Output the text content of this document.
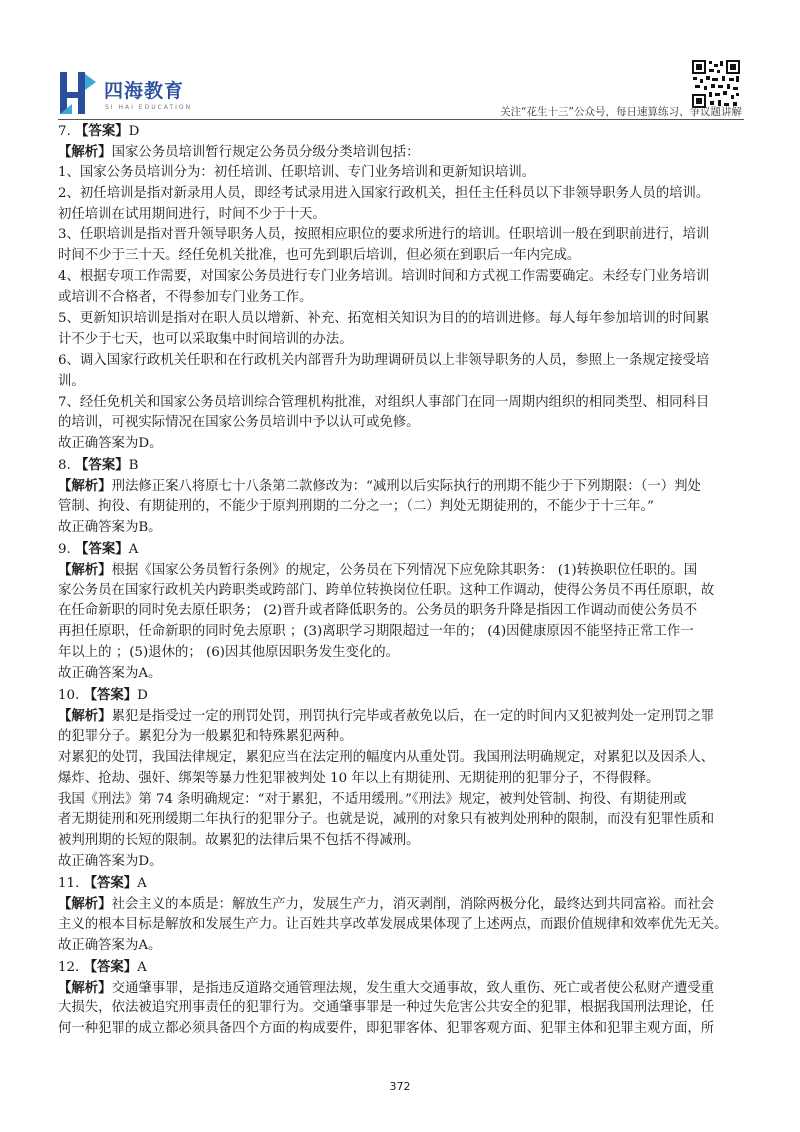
四海教育
SI HAI EDUCATION	关注“花生十三”公众号，每日速算练习、争议题讲解
7. 【答案】D
【解析】国家公务员培训暂行规定公务员分级分类培训包括：
1、国家公务员培训分为：初任培训、任职培训、专门业务培训和更新知识培训。
2、初任培训是指对新录用人员，即经考试录用进入国家行政机关，担任主任科员以下非领导职务人员的培训。
初任培训在试用期间进行，时间不少于十天。
3、任职培训是指对晋升领导职务人员，按照相应职位的要求所进行的培训。任职培训一般在到职前进行，培训
时间不少于三十天。经任免机关批准，也可先到职后培训，但必须在到职后一年内完成。
4、根据专项工作需要，对国家公务员进行专门业务培训。培训时间和方式视工作需要确定。未经专门业务培训
或培训不合格者，不得参加专门业务工作。
5、更新知识培训是指对在职人员以增新、补充、拓宽相关知识为目的的培训进修。每人每年参加培训的时间累
计不少于七天，也可以采取集中时间培训的办法。
6、调入国家行政机关任职和在行政机关内部晋升为助理调研员以上非领导职务的人员，参照上一条规定接受培
训。
7、经任免机关和国家公务员培训综合管理机构批准，对组织人事部门在同一周期内组织的相同类型、相同科目
的培训，可视实际情况在国家公务员培训中予以认可或免修。
故正确答案为D。
8. 【答案】B
【解析】刑法修正案八将原七十八条第二款修改为：“减刑以后实际执行的刑期不能少于下列期限：（一）判处
管制、拘役、有期徒刑的，不能少于原判刑期的二分之一；（二）判处无期徒刑的，不能少于十三年。”
故正确答案为B。
9. 【答案】A
【解析】根据《国家公务员暂行条例》的规定，公务员在下列情况下应免除其职务： (1)转换职位任职的。国
家公务员在国家行政机关内跨职类或跨部门、跨单位转换岗位任职。这种工作调动，使得公务员不再任原职，故
在任命新职的同时免去原任职务； (2)晋升或者降低职务的。公务员的职务升降是指因工作调动而使公务员不
再担任原职，任命新职的同时免去原职 ；(3)离职学习期限超过一年的； (4)因健康原因不能坚持正常工作一
年以上的 ；(5)退休的； (6)因其他原因职务发生变化的。
故正确答案为A。
10. 【答案】D
【解析】累犯是指受过一定的刑罚处罚，刑罚执行完毕或者赦免以后，在一定的时间内又犯被判处一定刑罚之罪
的犯罪分子。累犯分为一般累犯和特殊累犯两种。
对累犯的处罚，我国法律规定，累犯应当在法定刑的幅度内从重处罚。我国刑法明确规定，对累犯以及因杀人、
爆炸、抢劫、强奸、绑架等暴力性犯罪被判处 10 年以上有期徒刑、无期徒刑的犯罪分子，不得假释。
我国《刑法》第 74 条明确规定：“对于累犯，不适用缓刑。”《刑法》规定，被判处管制、拘役、有期徒刑或
者无期徒刑和死刑缓期二年执行的犯罪分子。也就是说，减刑的对象只有被判处刑种的限制，而没有犯罪性质和
被判刑期的长短的限制。故累犯的法律后果不包括不得减刑。
故正确答案为D。
11. 【答案】A
【解析】社会主义的本质是：解放生产力，发展生产力，消灭剥削，消除两极分化，最终达到共同富裕。而社会
主义的根本目标是解放和发展生产力。让百姓共享改革发展成果体现了上述两点，而跟价值规律和效率优先无关。
故正确答案为A。
12. 【答案】A
【解析】交通肇事罪，是指违反道路交通管理法规，发生重大交通事故，致人重伤、死亡或者使公私财产遭受重
大损失，依法被追究刑事责任的犯罪行为。交通肇事罪是一种过失危害公共安全的犯罪，根据我国刑法理论，任
何一种犯罪的成立都必须具备四个方面的构成要件，即犯罪客体、犯罪客观方面、犯罪主体和犯罪主观方面，所
372
